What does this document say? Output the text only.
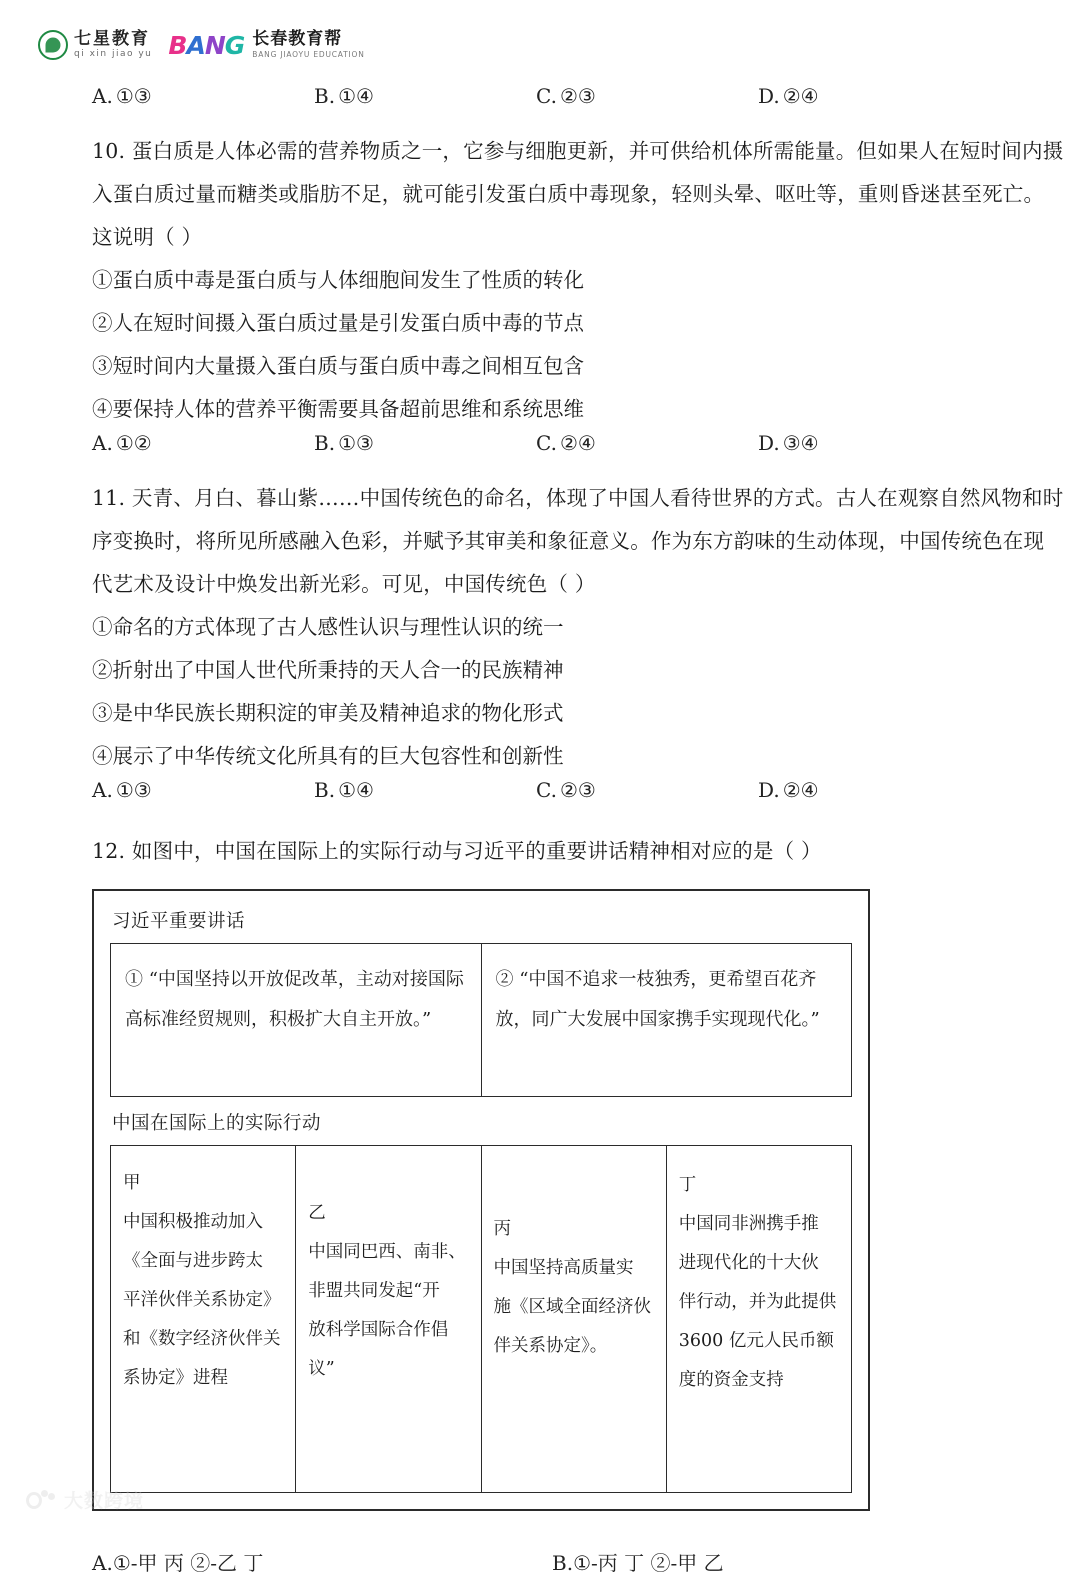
七星教育
qi xin jiao yu BANG 长春教育帮
BANG JIAOYU EDUCATION
A. ①③	B. ①④	C. ②③	D. ②④
10. 蛋白质是人体必需的营养物质之一，它参与细胞更新，并可供给机体所需能量。但如果人在短时间内摄
入蛋白质过量而糖类或脂肪不足，就可能引发蛋白质中毒现象，轻则头晕、呕吐等，重则昏迷甚至死亡。
这说明（ ）
①蛋白质中毒是蛋白质与人体细胞间发生了性质的转化
②人在短时间摄入蛋白质过量是引发蛋白质中毒的节点
③短时间内大量摄入蛋白质与蛋白质中毒之间相互包含
④要保持人体的营养平衡需要具备超前思维和系统思维
A. ①②	B. ①③	C. ②④	D. ③④
11. 天青、月白、暮山紫……中国传统色的命名，体现了中国人看待世界的方式。古人在观察自然风物和时
序变换时，将所见所感融入色彩，并赋予其审美和象征意义。作为东方韵味的生动体现，中国传统色在现
代艺术及设计中焕发出新光彩。可见，中国传统色（ ）
①命名的方式体现了古人感性认识与理性认识的统一
②折射出了中国人世代所秉持的天人合一的民族精神
③是中华民族长期积淀的审美及精神追求的物化形式
④展示了中华传统文化所具有的巨大包容性和创新性
A. ①③	B. ①④	C. ②③	D. ②④
12. 如图中，中国在国际上的实际行动与习近平的重要讲话精神相对应的是（ ）
习近平重要讲话
① “中国坚持以开放促改革，主动对接国际
高标准经贸规则，积极扩大自主开放。”

② “中国不追求一枝独秀，更希望百花齐
放，同广大发展中国家携手实现现代化。”
中国在国际上的实际行动
甲
中国积极推动加入
《全面与进步跨太
平洋伙伴关系协定》
和《数字经济伙伴关
系协定》进程

乙
中国同巴西、南非、
非盟共同发起“开
放科学国际合作倡
议”

丙
中国坚持高质量实
施《区域全面经济伙
伴关系协定》。

丁
中国同非洲携手推
进现代化的十大伙
伴行动，并为此提供
3600 亿元人民币额
度的资金支持
A.①-甲 丙 ②-乙 丁	B.①-丙 丁 ②-甲 乙
大数跨境
